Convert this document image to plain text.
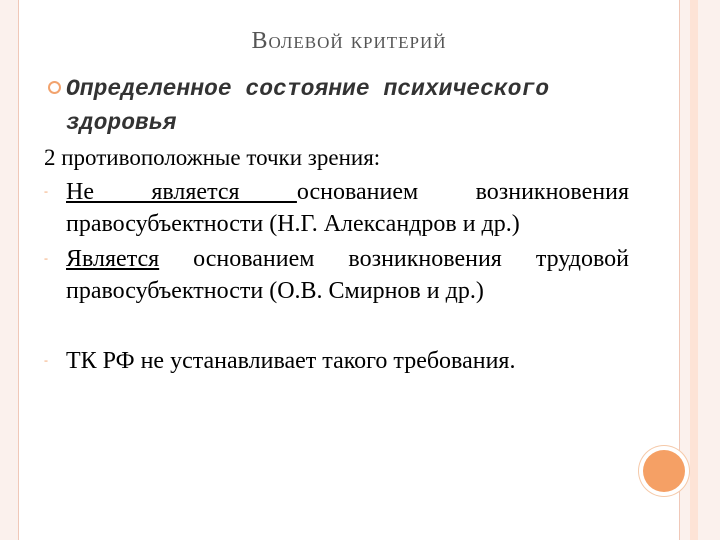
Волевой критерий
Определенное состояние психического здоровья
2 противоположные точки зрения:
- Не является основанием возникновения правосубъектности (Н.Г. Александров и др.)
- Является основанием возникновения трудовой правосубъектности (О.В. Смирнов и др.)
- ТК РФ не устанавливает такого требования.
